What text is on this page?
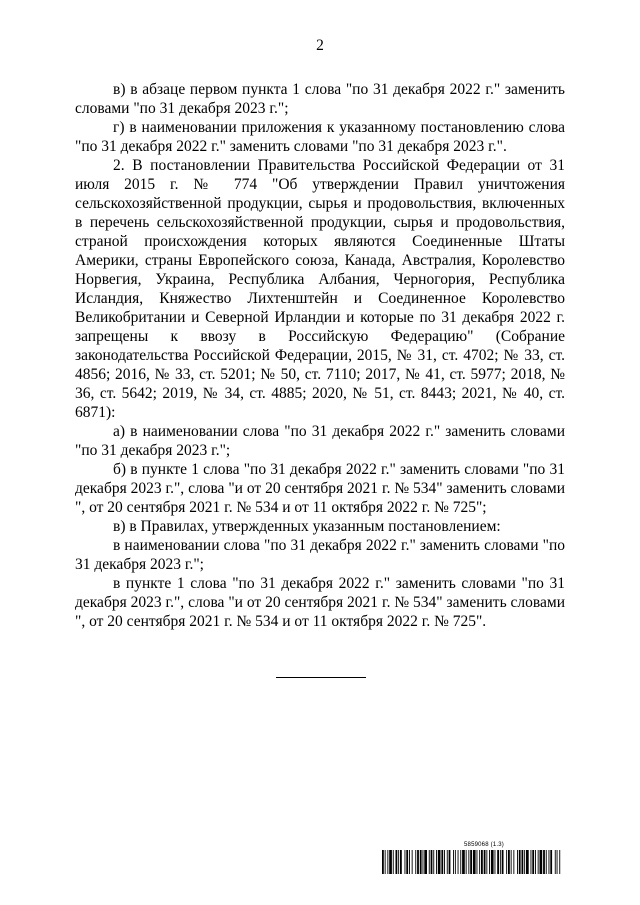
2

в) в абзаце первом пункта 1 слова "по 31 декабря 2022 г." заменить словами "по 31 декабря 2023 г.";

г) в наименовании приложения к указанному постановлению слова "по 31 декабря 2022 г." заменить словами "по 31 декабря 2023 г.".

2. В постановлении Правительства Российской Федерации от 31 июля 2015 г. № 774 "Об утверждении Правил уничтожения сельскохозяйственной продукции, сырья и продовольствия, включенных в перечень сельскохозяйственной продукции, сырья и продовольствия, страной происхождения которых являются Соединенные Штаты Америки, страны Европейского союза, Канада, Австралия, Королевство Норвегия, Украина, Республика Албания, Черногория, Республика Исландия, Княжество Лихтенштейн и Соединенное Королевство Великобритании и Северной Ирландии и которые по 31 декабря 2022 г. запрещены к ввозу в Российскую Федерацию" (Собрание законодательства Российской Федерации, 2015, № 31, ст. 4702; № 33, ст. 4856; 2016, № 33, ст. 5201; № 50, ст. 7110; 2017, № 41, ст. 5977; 2018, № 36, ст. 5642; 2019, № 34, ст. 4885; 2020, № 51, ст. 8443; 2021, № 40, ст. 6871):

а) в наименовании слова "по 31 декабря 2022 г." заменить словами "по 31 декабря 2023 г.";

б) в пункте 1 слова "по 31 декабря 2022 г." заменить словами "по 31 декабря 2023 г.", слова "и от 20 сентября 2021 г. № 534" заменить словами ", от 20 сентября 2021 г. № 534 и от 11 октября 2022 г. № 725";

в) в Правилах, утвержденных указанным постановлением:

в наименовании слова "по 31 декабря 2022 г." заменить словами "по 31 декабря 2023 г.";

в пункте 1 слова "по 31 декабря 2022 г." заменить словами "по 31 декабря 2023 г.", слова "и от 20 сентября 2021 г. № 534" заменить словами ", от 20 сентября 2021 г. № 534 и от 11 октября 2022 г. № 725".

5859068 (1.3)
